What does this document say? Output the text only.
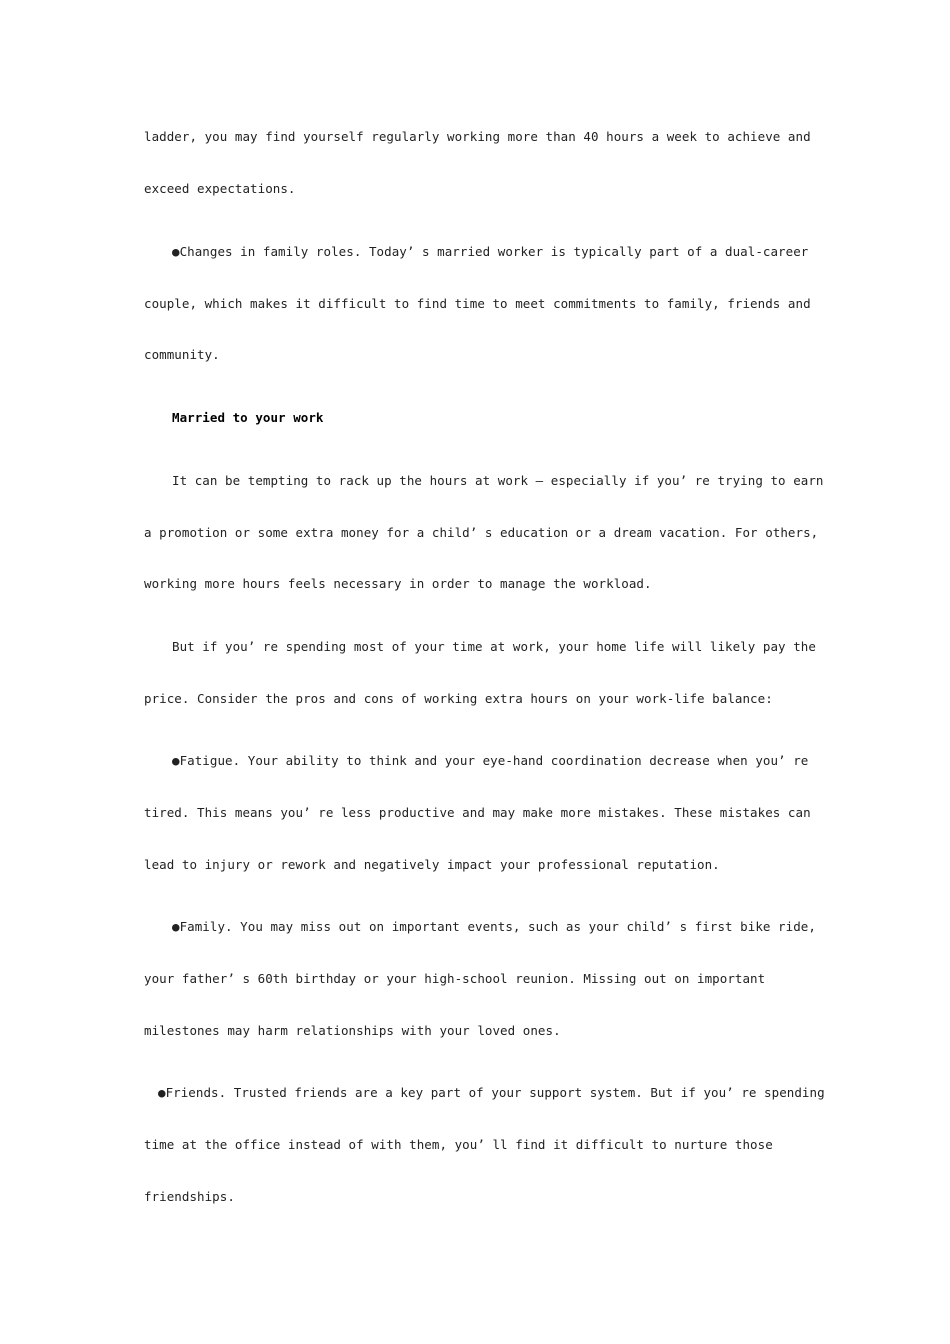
ladder, you may find yourself regularly working more than 40 hours a week to achieve and
exceed expectations.
●Changes in family roles. Today’ s married worker is typically part of a dual-career
couple, which makes it difficult to find time to meet commitments to family, friends and
community.
Married to your work
It can be tempting to rack up the hours at work — especially if you’ re trying to earn
a promotion or some extra money for a child’ s education or a dream vacation. For others,
working more hours feels necessary in order to manage the workload.
But if you’ re spending most of your time at work, your home life will likely pay the
price. Consider the pros and cons of working extra hours on your work-life balance:
●Fatigue. Your ability to think and your eye-hand coordination decrease when you’ re
tired. This means you’ re less productive and may make more mistakes. These mistakes can
lead to injury or rework and negatively impact your professional reputation.
●Family. You may miss out on important events, such as your child’ s first bike ride,
your father’ s 60th birthday or your high-school reunion. Missing out on important
milestones may harm relationships with your loved ones.
●Friends. Trusted friends are a key part of your support system. But if you’ re spending
time at the office instead of with them, you’ ll find it difficult to nurture those
friendships.
